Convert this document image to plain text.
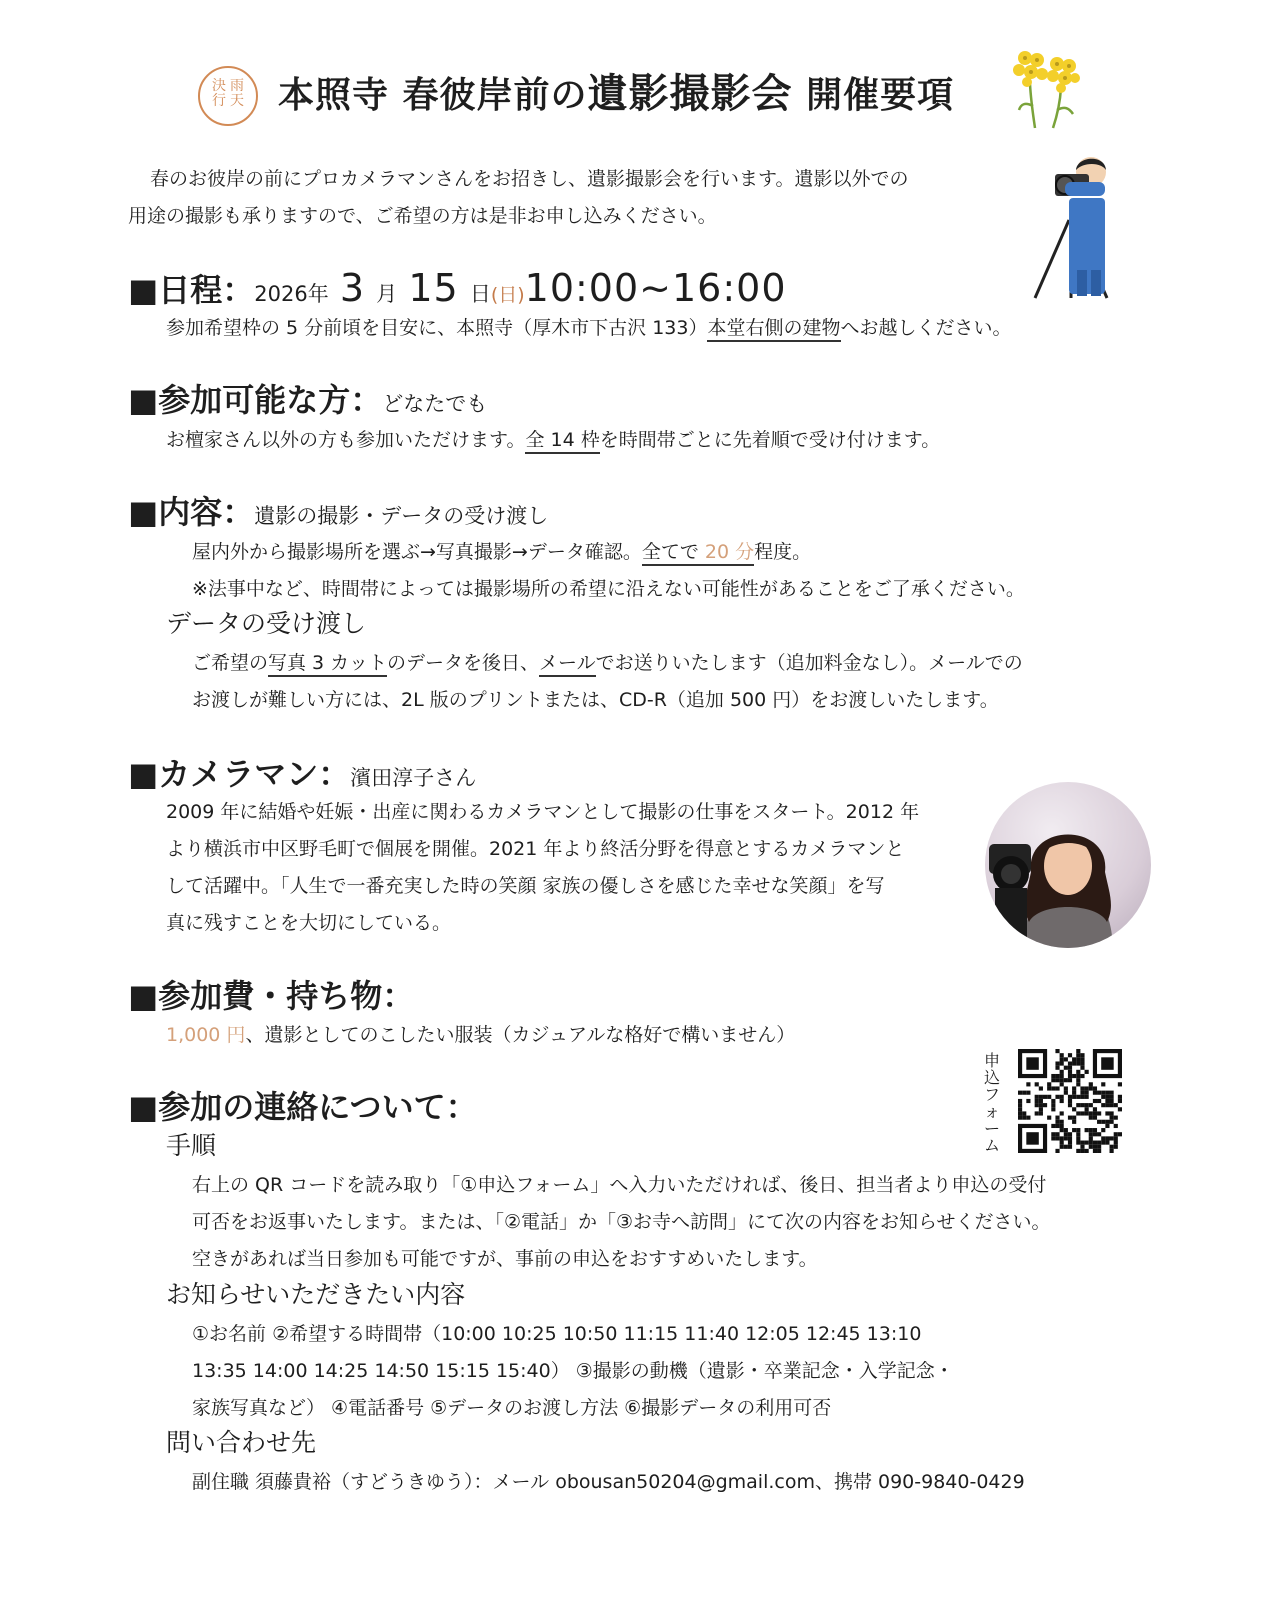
決 雨
行 天 本照寺 春彼岸前の遺影撮影会 開催要項
春のお彼岸の前にプロカメラマンさんをお招きし、遺影撮影会を行います。遺影以外での
用途の撮影も承りますので、ご希望の方は是非お申し込みください。
■日程：2026年 3 月 15 日(日)10:00~16:00
参加希望枠の 5 分前頃を目安に、本照寺（厚木市下古沢 133）本堂右側の建物へお越しください。
■参加可能な方：どなたでも
お檀家さん以外の方も参加いただけます。全 14 枠を時間帯ごとに先着順で受け付けます。
■内容：遺影の撮影・データの受け渡し
屋内外から撮影場所を選ぶ→写真撮影→データ確認。全てで 20 分程度。
※法事中など、時間帯によっては撮影場所の希望に沿えない可能性があることをご了承ください。
データの受け渡し
ご希望の写真 3 カットのデータを後日、メールでお送りいたします（追加料金なし）。メールでの
お渡しが難しい方には、2L 版のプリントまたは、CD-R（追加 500 円）をお渡しいたします。
■カメラマン：濱田淳子さん
2009 年に結婚や妊娠・出産に関わるカメラマンとして撮影の仕事をスタート。2012 年
より横浜市中区野毛町で個展を開催。2021 年より終活分野を得意とするカメラマンと
して活躍中。「人生で一番充実した時の笑顔 家族の優しさを感じた幸せな笑顔」を写
真に残すことを大切にしている。
■参加費・持ち物：
1,000 円、遺影としてのこしたい服装（カジュアルな格好で構いません）
申込フォーム
■参加の連絡について：
手順
右上の QR コードを読み取り「①申込フォーム」へ入力いただければ、後日、担当者より申込の受付
可否をお返事いたします。または、「②電話」か「③お寺へ訪問」にて次の内容をお知らせください。
空きがあれば当日参加も可能ですが、事前の申込をおすすめいたします。
お知らせいただきたい内容
①お名前 ②希望する時間帯（10:00 10:25 10:50 11:15 11:40 12:05 12:45 13:10
13:35 14:00 14:25 14:50 15:15 15:40） ③撮影の動機（遺影・卒業記念・入学記念・
家族写真など） ④電話番号 ⑤データのお渡し方法 ⑥撮影データの利用可否
問い合わせ先
副住職 須藤貴裕（すどうきゆう）：メール obousan50204@gmail.com、携帯 090-9840-0429
